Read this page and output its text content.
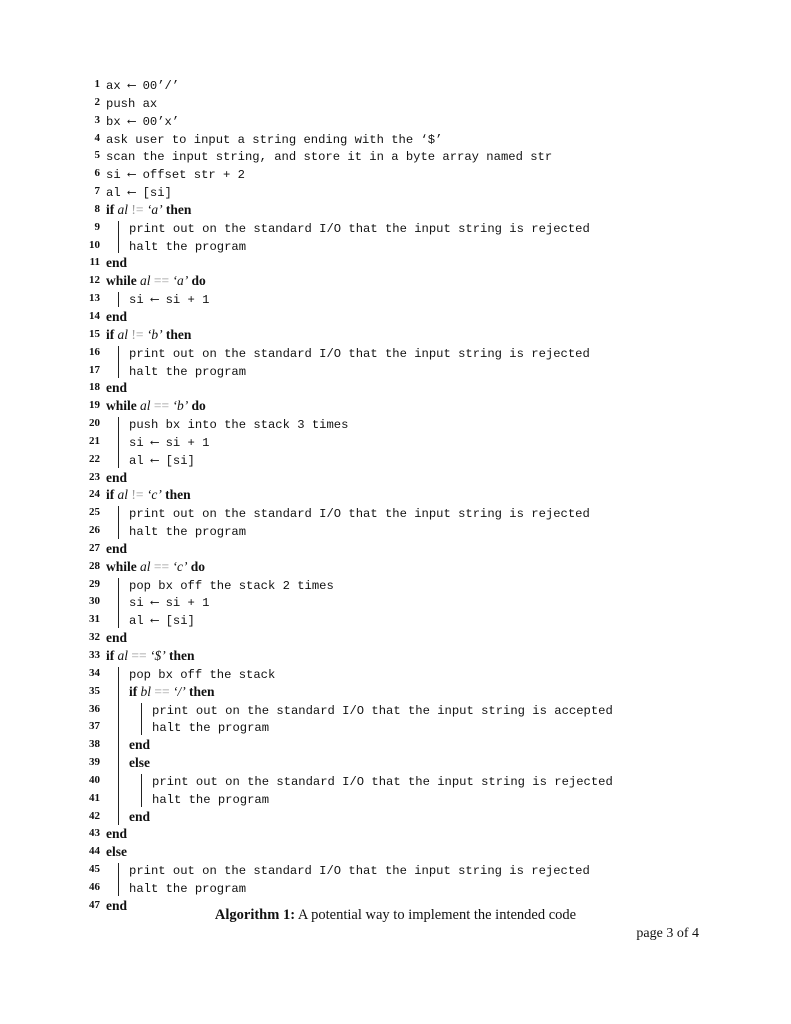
1 ax ⟵ 00’/’
2 push ax
3 bx ⟵ 00’x’
4 ask user to input a string ending with the ‘$’
5 scan the input string, and store it in a byte array named str
6 si ⟵ offset str + 2
7 al ⟵ [si]
8 if al != ‘a’ then
9 print out on the standard I/O that the input string is rejected
10 halt the program
11 end
12 while al == ‘a’ do
13 si ⟵ si + 1
14 end
15 if al != ‘b’ then
16 print out on the standard I/O that the input string is rejected
17 halt the program
18 end
19 while al == ‘b’ do
20 push bx into the stack 3 times
21 si ⟵ si + 1
22 al ⟵ [si]
23 end
24 if al != ‘c’ then
25 print out on the standard I/O that the input string is rejected
26 halt the program
27 end
28 while al == ‘c’ do
29 pop bx off the stack 2 times
30 si ⟵ si + 1
31 al ⟵ [si]
32 end
33 if al == ‘$’ then
34 pop bx off the stack
35 if bl == ‘/’ then
36	print out on the standard I/O that the input string is accepted
37	halt the program
38 end
39 else
40	print out on the standard I/O that the input string is rejected
41	halt the program
42 end
43 end
44 else
45 print out on the standard I/O that the input string is rejected
46 halt the program
47 end
Algorithm 1: A potential way to implement the intended code
page 3 of 4
